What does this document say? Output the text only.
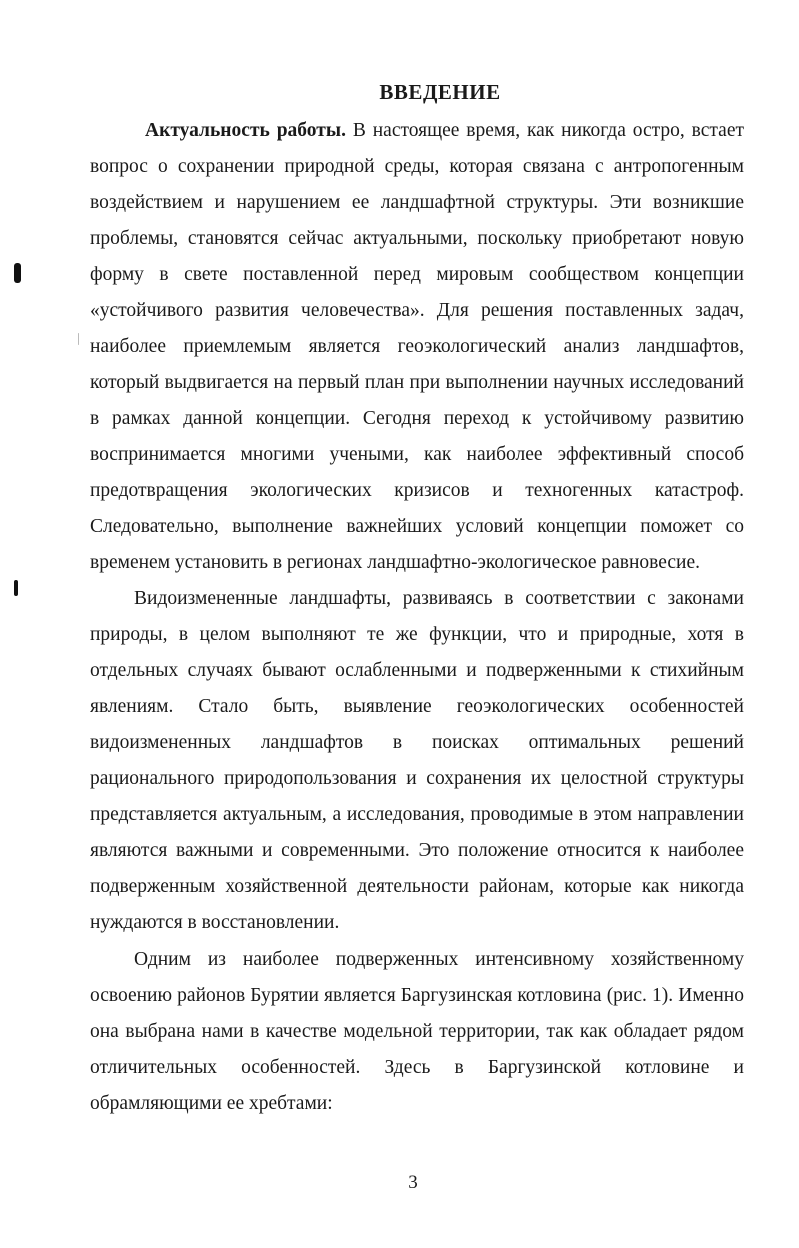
ВВЕДЕНИЕ

Актуальность работы. В настоящее время, как никогда остро, встает вопрос о сохранении природной среды, которая связана с антропогенным воздействием и нарушением ее ландшафтной структуры. Эти возникшие проблемы, становятся сейчас актуальными, поскольку приобретают новую форму в свете поставленной перед мировым сообществом концепции «устойчивого развития человечества». Для решения поставленных задач, наиболее приемлемым является геоэкологический анализ ландшафтов, который выдвигается на первый план при выполнении научных исследований в рамках данной концепции. Сегодня переход к устойчивому развитию воспринимается многими учеными, как наиболее эффективный способ предотвращения экологических кризисов и техногенных катастроф. Следовательно, выполнение важнейших условий концепции поможет со временем установить в регионах ландшафтно-экологическое равновесие.

Видоизмененные ландшафты, развиваясь в соответствии с законами природы, в целом выполняют те же функции, что и природные, хотя в отдельных случаях бывают ослабленными и подверженными к стихийным явлениям. Стало быть, выявление геоэкологических особенностей видоизмененных ландшафтов в поисках оптимальных решений рационального природопользования и сохранения их целостной структуры представляется актуальным, а исследования, проводимые в этом направлении являются важными и современными. Это положение относится к наиболее подверженным хозяйственной деятельности районам, которые как никогда нуждаются в восстановлении.

Одним из наиболее подверженных интенсивному хозяйственному освоению районов Бурятии является Баргузинская котловина (рис. 1). Именно она выбрана нами в качестве модельной территории, так как обладает рядом отличительных особенностей. Здесь в Баргузинской котловине и обрамляющими ее хребтами:

3
